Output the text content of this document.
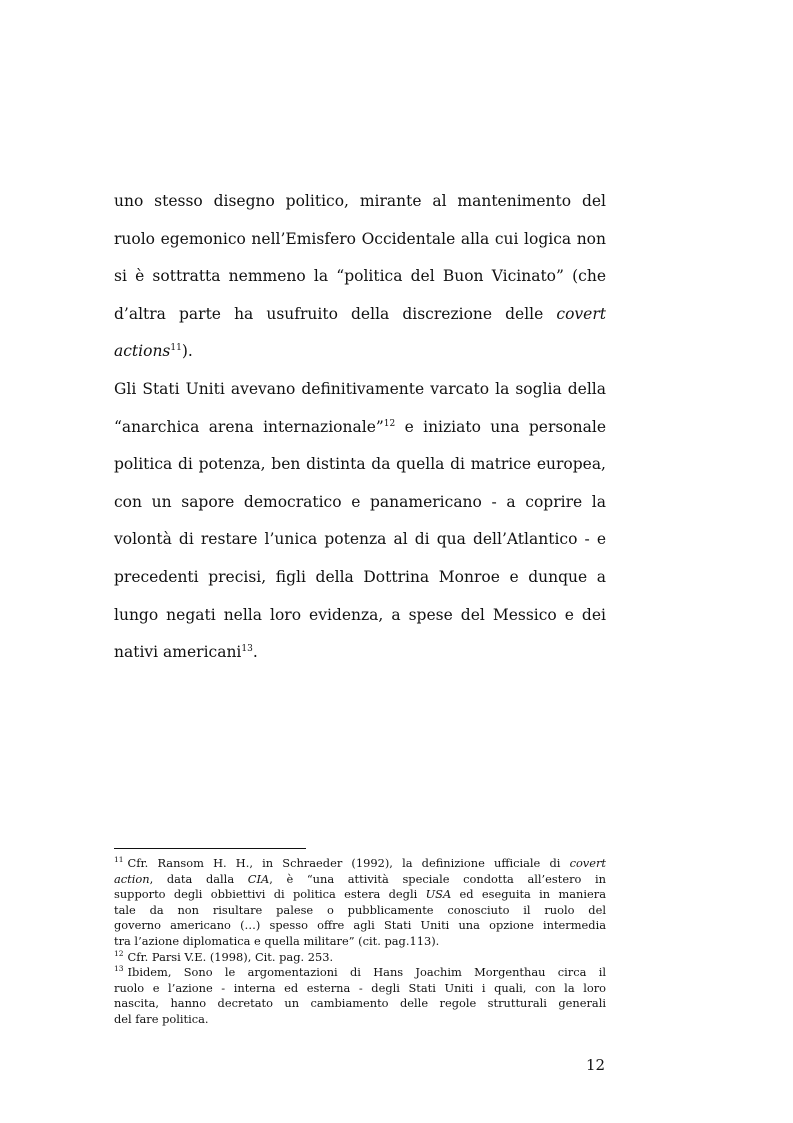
uno stesso disegno politico, mirante al mantenimento del
ruolo egemonico nell’Emisfero Occidentale alla cui logica non
si è sottratta nemmeno la “politica del Buon Vicinato” (che
d’altra parte ha usufruito della discrezione delle covert
actions$^{11}$).
Gli Stati Uniti avevano definitivamente varcato la soglia della
“anarchica arena internazionale”$^{12}$ e iniziato una personale
politica di potenza, ben distinta da quella di matrice europea,
con un sapore democratico e panamericano - a coprire la
volontà di restare l’unica potenza al di qua dell’Atlantico - e
precedenti precisi, figli della Dottrina Monroe e dunque a
lungo negati nella loro evidenza, a spese del Messico e dei
nativi americani$^{13}$.
$^{11}$ Cfr. Ransom H. H., in Schraeder (1992), la definizione ufficiale di covert
action, data dalla CIA, è “una attività speciale condotta all’estero in
supporto degli obbiettivi di politica estera degli USA ed eseguita in maniera
tale da non risultare palese o pubblicamente conosciuto il ruolo del
governo americano (…) spesso offre agli Stati Uniti una opzione intermedia
tra l’azione diplomatica e quella militare” (cit. pag.113).
$^{12}$ Cfr. Parsi V.E. (1998), Cit. pag. 253.
$^{13}$ Ibidem, Sono le argomentazioni di Hans Joachim Morgenthau circa il
ruolo e l’azione - interna ed esterna - degli Stati Uniti i quali, con la loro
nascita, hanno decretato un cambiamento delle regole strutturali generali
del fare politica.
12
